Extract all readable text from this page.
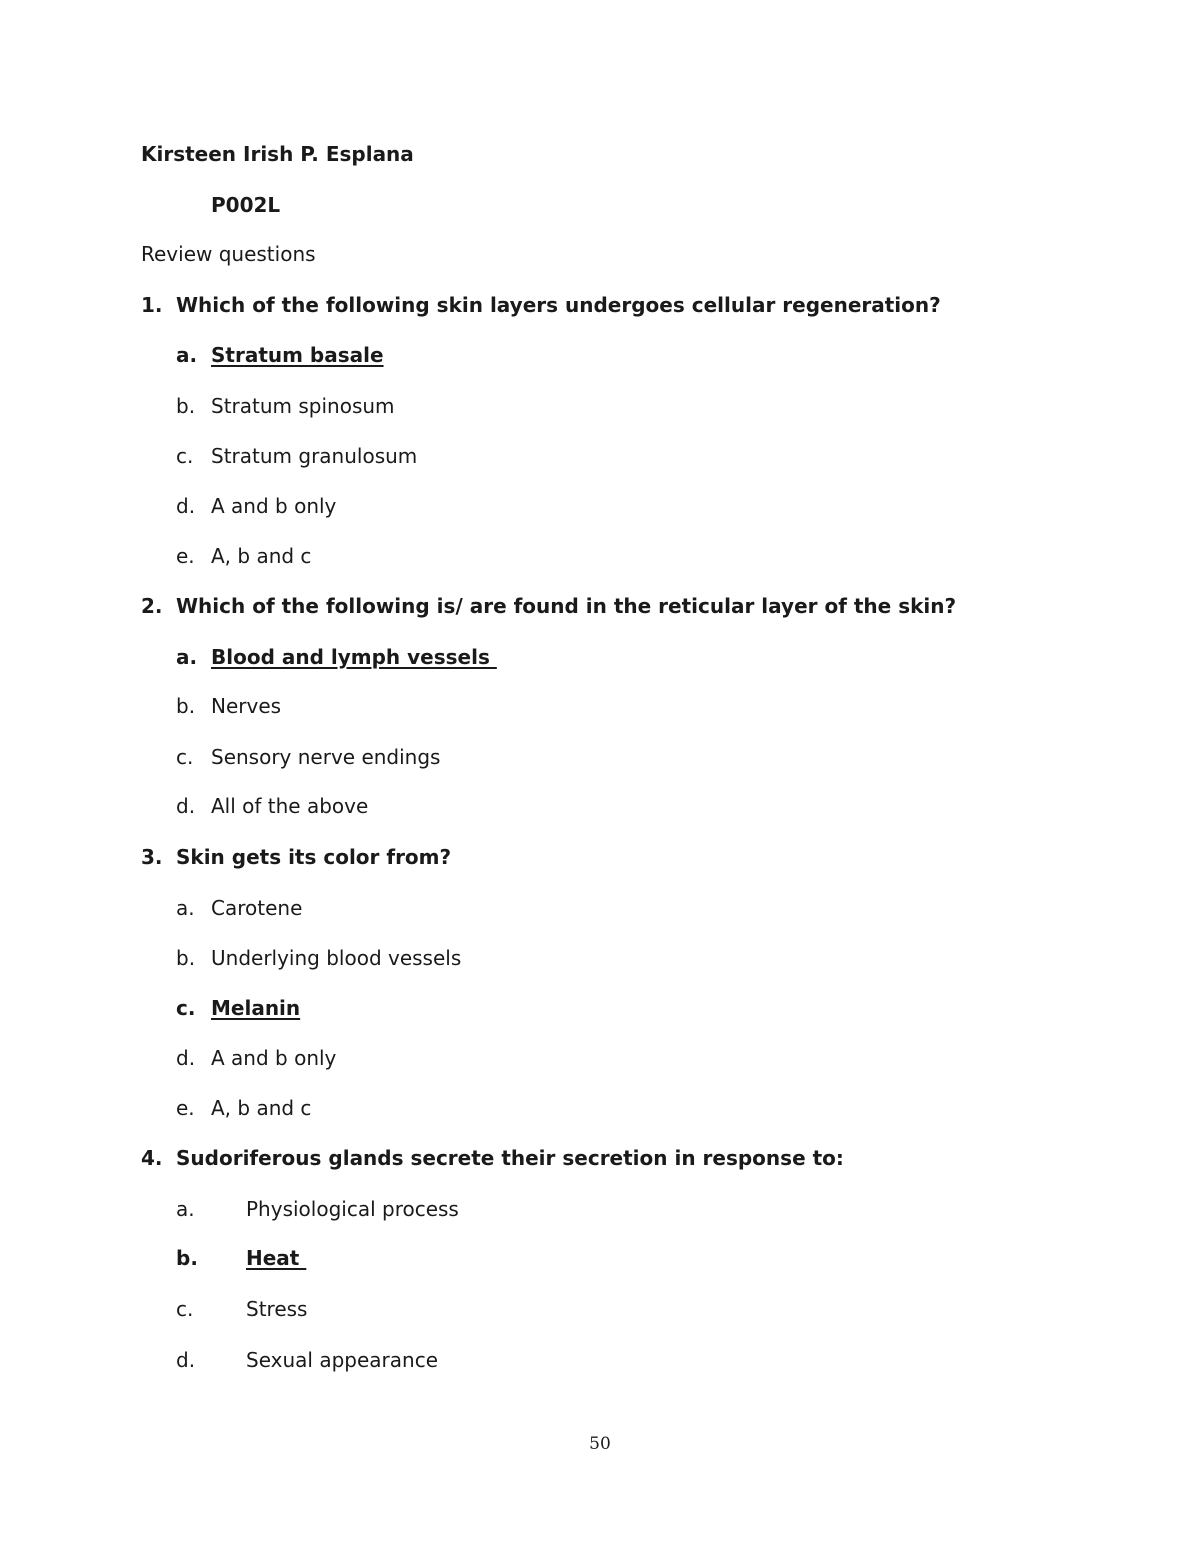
Kirsteen Irish P. Esplana
P002L
Review questions
1. Which of the following skin layers undergoes cellular regeneration?
a. Stratum basale
b. Stratum spinosum
c. Stratum granulosum
d. A and b only
e. A, b and c
2. Which of the following is/ are found in the reticular layer of the skin?
a. Blood and lymph vessels
b. Nerves
c. Sensory nerve endings
d. All of the above
3. Skin gets its color from?
a. Carotene
b. Underlying blood vessels
c. Melanin
d. A and b only
e. A, b and c
4. Sudoriferous glands secrete their secretion in response to:
a.	Physiological process
b. Heat
c.	Stress
d.	Sexual appearance
50
